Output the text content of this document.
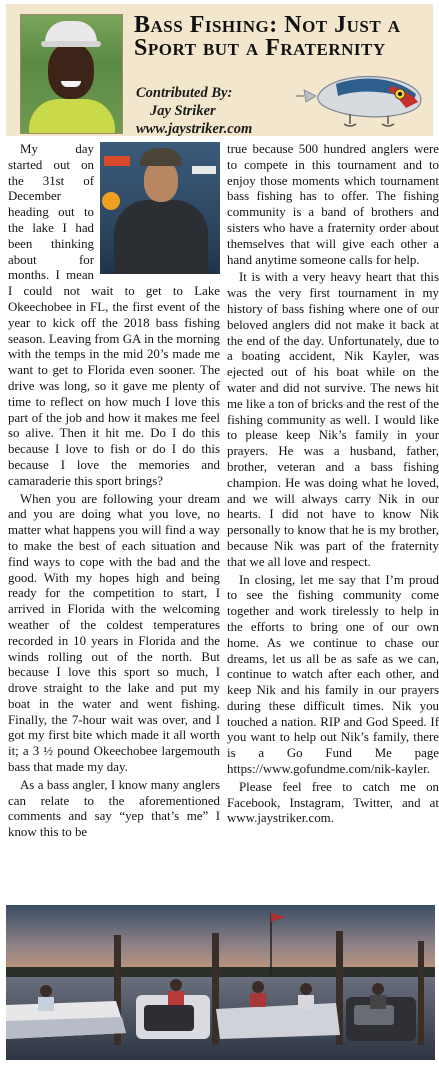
Bass Fishing: Not Just a Sport but a Fraternity
Contributed By:
Jay Striker
www.jaystriker.com

My day started out on the 31st of December heading out to the lake I had been thinking about for months. I mean I could not wait to get to Lake Okeechobee in FL, the first event of the year to kick off the 2018 bass fishing season. Leaving from GA in the morning with the temps in the mid 20’s made me want to get to Florida even sooner. The drive was long, so it gave me plenty of time to reflect on how much I love this part of the job and how it makes me feel so alive. Then it hit me. Do I do this because I love to fish or do I do this because I love the memories and camaraderie this sport brings?

When you are following your dream and you are doing what you love, no matter what happens you will find a way to make the best of each situation and find ways to cope with the bad and the good. With my hopes high and being ready for the competition to start, I arrived in Florida with the welcoming weather of the coldest temperatures recorded in 10 years in Florida and the winds rolling out of the north. But because I love this sport so much, I drove straight to the lake and put my boat in the water and went fishing. Finally, the 7-hour wait was over, and I got my first bite which made it all worth it; a 3 ½ pound Okeechobee largemouth bass that made my day.

As a bass angler, I know many anglers can relate to the aforementioned comments and say “yep that’s me” I know this to be

true because 500 hundred anglers were to compete in this tournament and to enjoy those moments which tournament bass fishing has to offer. The fishing community is a band of brothers and sisters who have a fraternity order about themselves that will give each other a hand anytime someone calls for help.

It is with a very heavy heart that this was the very first tournament in my history of bass fishing where one of our beloved anglers did not make it back at the end of the day. Unfortunately, due to a boating accident, Nik Kayler, was ejected out of his boat while on the water and did not survive. The news hit me like a ton of bricks and the rest of the fishing community as well. I would like to please keep Nik’s family in your prayers. He was a husband, father, brother, veteran and a bass fishing champion. He was doing what he loved, and we will always carry Nik in our hearts. I did not have to know Nik personally to know that he is my brother, because Nik was part of the fraternity that we all love and respect.

In closing, let me say that I’m proud to see the fishing community come together and work tirelessly to help in the efforts to bring one of our own home. As we continue to chase our dreams, let us all be as safe as we can, continue to watch after each other, and keep Nik and his family in our prayers during these difficult times. Nik you touched a nation. RIP and God Speed. If you want to help out Nik’s family, there is a Go Fund Me page https://www.gofundme.com/nik-kayler.

Please feel free to catch me on Facebook, Instagram, Twitter, and at www.jaystriker.com.
